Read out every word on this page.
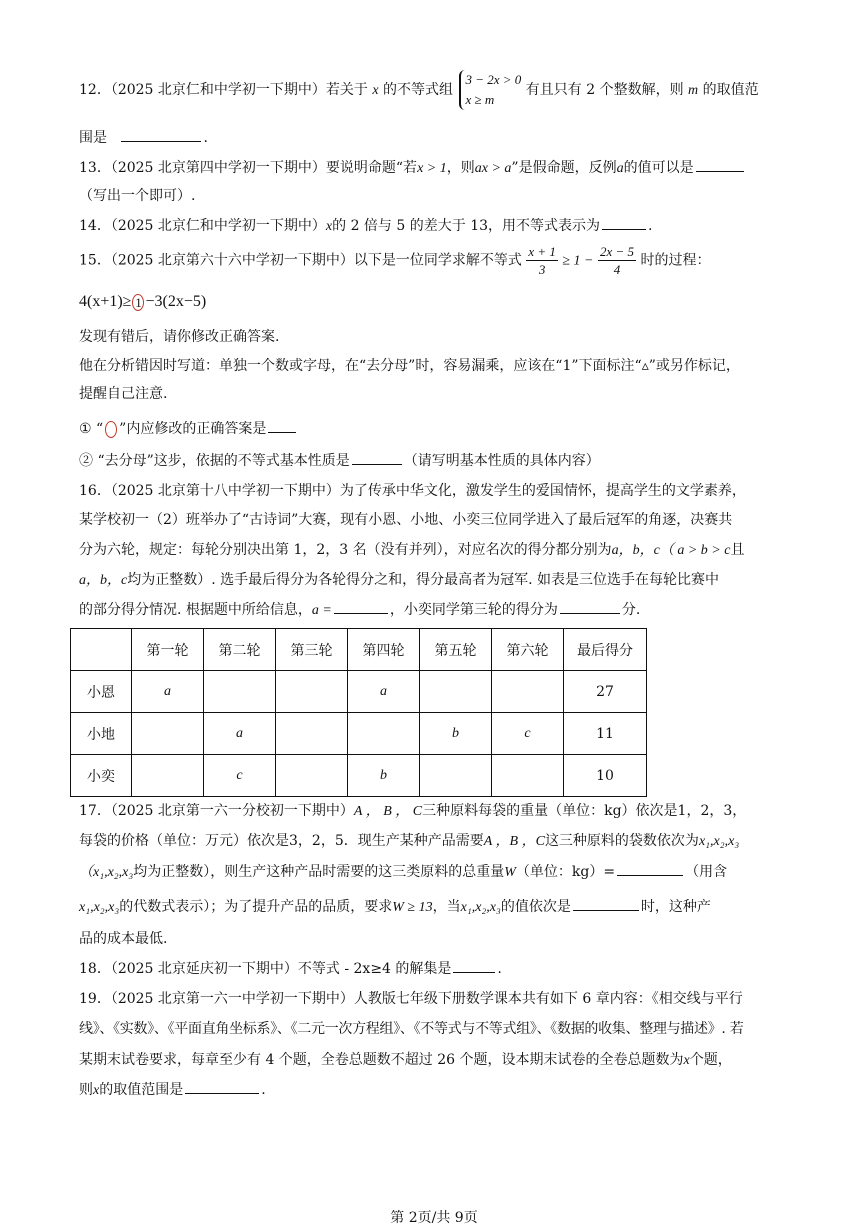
12．（2025 北京仁和中学初一下期中）若关于 x 的不等式组 3 − 2x > 0
x ≥ m 有且只有 2 个整数解，则 m 的取值范
围是	.
13．（2025 北京第四中学初一下期中）要说明命题“若x > 1，则ax > a”是假命题，反例a的值可以是
（写出一个即可）.
14．（2025 北京仁和中学初一下期中）x的 2 倍与 5 的差大于 13，用不等式表示为	.
15．（2025 北京第六十六中学初一下期中）以下是一位同学求解不等式 $\frac{x + 1}{3} \ge 1 - \frac{2x - 5}{4}$ 时的过程：
4(x+1)≥ 1 −3(2x−5)
发现有错后，请你修改正确答案.
他在分析错因时写道：单独一个数或字母，在“去分母”时，容易漏乘，应该在“1”下面标注“▵”或另作标记，
提醒自己注意.
① “ ”内应修改的正确答案是
② “去分母”这步，依据的不等式基本性质是	（请写明基本性质的具体内容）
16．（2025 北京第十八中学初一下期中）为了传承中华文化，激发学生的爱国情怀，提高学生的文学素养，
某学校初一（2）班举办了“古诗词”大赛，现有小恩、小地、小奕三位同学进入了最后冠军的角逐，决赛共
分为六轮，规定：每轮分别决出第 1，2，3 名（没有并列），对应名次的得分都分别为a，b，c（ a > b > c且
a，b，c均为正整数）. 选手最后得分为各轮得分之和，得分最高者为冠军. 如表是三位选手在每轮比赛中
的部分得分情况. 根据题中所给信息，a =	，小奕同学第三轮的得分为	分.
	第一轮	第二轮	第三轮	第四轮	第五轮	第六轮	最后得分
小恩	a			a			27
小地		a			b	c	11
小奕		c		b			10
17．（2025 北京第一六一分校初一下期中）A ， B ， C三种原料每袋的重量（单位：kg）依次是1，2，3，
每袋的价格（单位：万元）依次是3，2，5．现生产某种产品需要A ，B ，C这三种原料的袋数依次为x₁,x₂,x₃
（x₁,x₂,x₃均为正整数），则生产这种产品时需要的这三类原料的总重量W（单位：kg）=	（用含
x₁,x₂,x₃的代数式表示）；为了提升产品的品质，要求W ≥ 13，当x₁,x₂,x₃的值依次是	时，这种产
品的成本最低.
18．（2025 北京延庆初一下期中）不等式 - 2x≥4 的解集是	.
19．（2025 北京第一六一中学初一下期中）人教版七年级下册数学课本共有如下 6 章内容：《相交线与平行
线》、《实数》、《平面直角坐标系》、《二元一次方程组》、《不等式与不等式组》、《数据的收集、整理与描述》. 若
某期末试卷要求，每章至少有 4 个题，全卷总题数不超过 26 个题，设本期末试卷的全卷总题数为x个题，
则x的取值范围是	.
第 2页/共 9页
